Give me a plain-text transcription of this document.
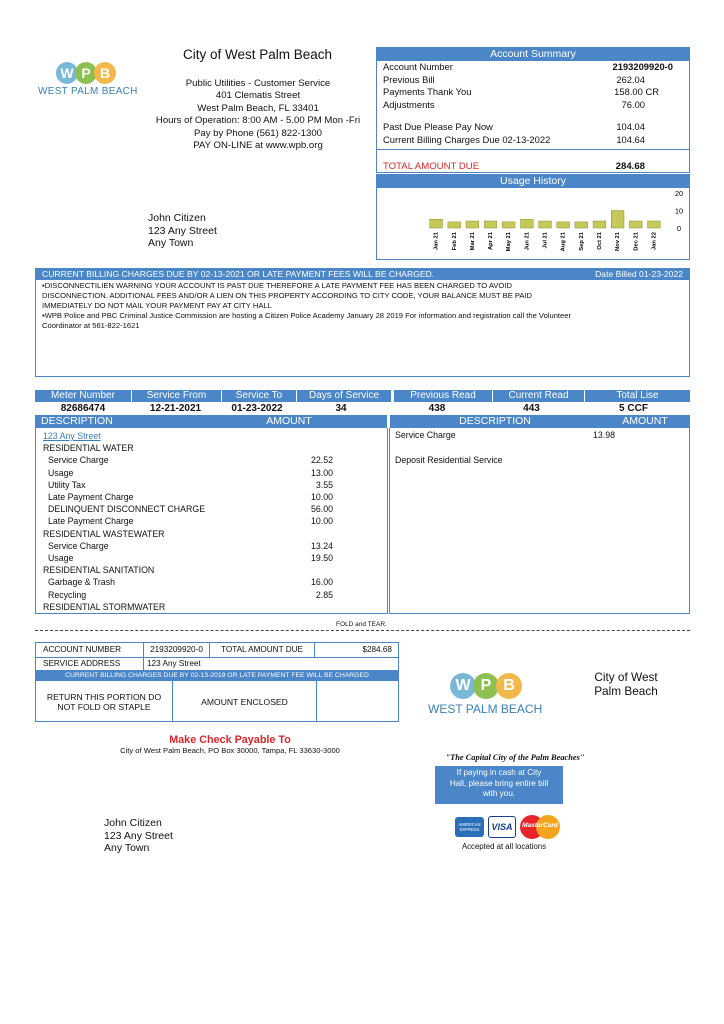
W P B
WEST PALM BEACH
City of West Palm Beach
Public Utilities - Customer Service
401 Clematis Street
West Palm Beach, FL 33401
Hours of Operation: 8:00 AM - 5.00 PM Mon -Fri
Pay by Phone (561) 822-1300
PAY ON-LINE at www.wpb.org
Account Summary
Account Number	2193209920-0
Previous Bill	262.04
Payments Thank You	158.00 CR
Adjustments	76.00
Past Due Please Pay Now	104.04
Current Billing Charges Due 02-13-2022	104.64
TOTAL AMOUNT DUE	284.68
Usage History
20
10
0
Jan 21 Feb 21 Mar 21 Apr 21 May 21 Jun 21 Jul 21 Aug 21 Sep 21 Oct 21 Nov 21 Dec 21 Jan 22
John Citizen
123 Any Street
Any Town
CURRENT BILLING CHARGES DUE BY 02-13-2021 OR LATE PAYMENT FEES WILL BE CHARGED.	Date Billed 01-23-2022
▪DISCONNECTILIEN WARNING YOUR ACCOUNT IS PAST DUE THEREFORE A LATE PAYMENT FEE HAS BEEN CHARGED TO AVOID
DISCONNECTION. ADDITIONAL FEES AND/OR A LIEN ON THIS PROPERTY ACCORDING TO CITY CODE, YOUR BALANCE MUST BE PAID
IMMEDIATELY DO NOT MAIL YOUR PAYMENT PAY AT CITY HALL
▪WPB Police and PBC Criminal Justice Commission are hosting a Citizen Police Academy January 28 2019 For information and registration call the Volunteer
Coordinator at 561-822-1621
Meter Number	Service From	Service To	Days of Service	Previous Read	Current Read	Total Lise
82686474	12-21-2021	01-23-2022	34	438	443	5 CCF
DESCRIPTION	AMOUNT	DESCRIPTION	AMOUNT
123 Any Street
RESIDENTIAL WATER
Service Charge	22.52
Usage	13.00
Utility Tax	3.55
Late Payment Charge	10.00
DELINQUENT DISCONNECT CHARGE	56.00
Late Payment Charge	10.00
RESIDENTIAL WASTEWATER
Service Charge	13.24
Usage	19.50
RESIDENTIAL SANITATION
Garbage & Trash	16.00
Recycling	2.85
RESIDENTIAL STORMWATER
Service Charge	13.98
Deposit Residential Service
FOLD and TEAR.
ACCOUNT NUMBER	2193209920-0	TOTAL AMOUNT DUE	$284.68
SERVICE ADDRESS	123 Any Street
CURRENT BILLING CHARGES DUE BY 02-13-2019 OR LATE PAYMENT FEE WILL BE CHARGED
RETURN THIS PORTION DO NOT FOLD OR STAPLE	AMOUNT ENCLOSED
W P B
WEST PALM BEACH
City of West Palm Beach
Make Check Payable To
City of West Palm Beach, PO Box 30000, Tampa, FL 33630-3000
"The Capital City of the Palm Beaches"
If paying in cash at City Hall, please bring entire bill with you.
AMERICAN EXPRESS	VISA	MasterCard
Accepted at all locations
John Citizen
123 Any Street
Any Town
